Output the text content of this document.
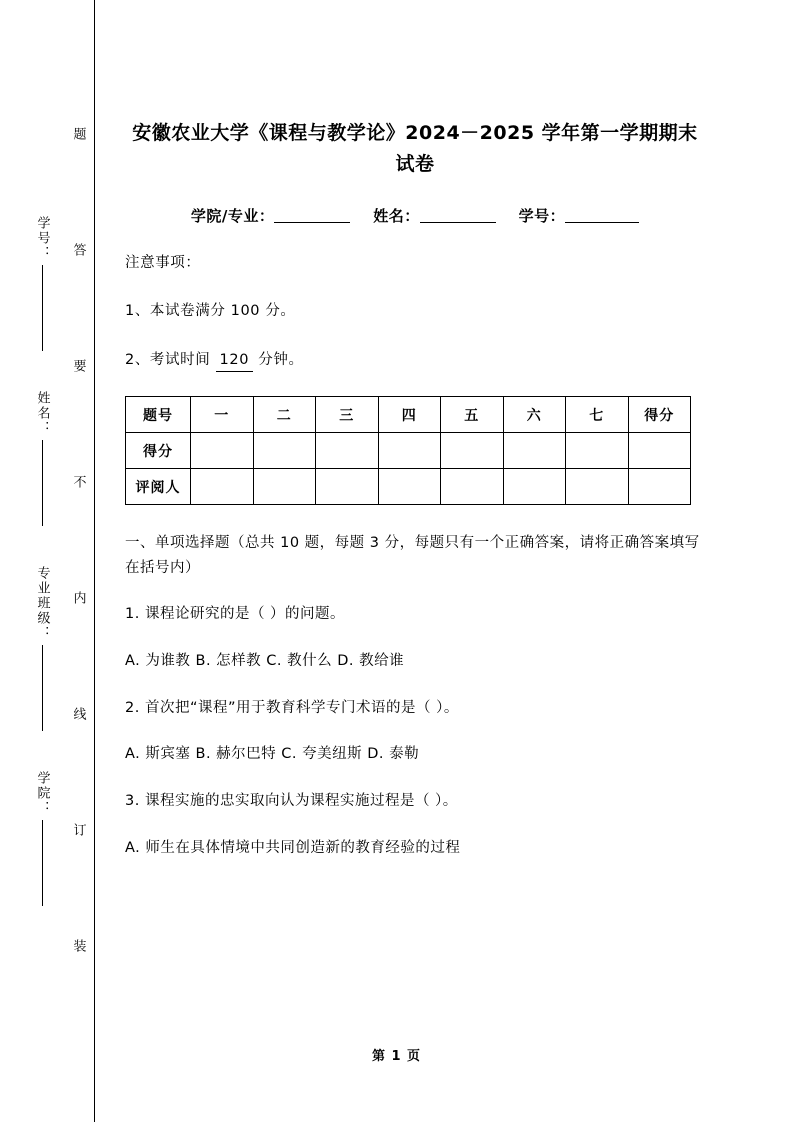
学号：
姓名：
专业班级：
学院： 题 答 要 不 内 线 订 装	安徽农业大学《课程与教学论》2024－2025 学年第一学期期末试卷
学院/专业：	姓名：	学号：
注意事项：
1、本试卷满分 100 分。
2、考试时间 120 分钟。
题号	一	二	三	四	五	六	七	得分
得分								
评阅人								
一、单项选择题（总共 10 题，每题 3 分，每题只有一个正确答案，请将正确答案填写在括号内）
1. 课程论研究的是（ ）的问题。
A. 为谁教 B. 怎样教 C. 教什么 D. 教给谁
2. 首次把“课程”用于教育科学专门术语的是（ ）。
A. 斯宾塞 B. 赫尔巴特 C. 夸美纽斯 D. 泰勒
3. 课程实施的忠实取向认为课程实施过程是（ ）。
A. 师生在具体情境中共同创造新的教育经验的过程
第 1 页
